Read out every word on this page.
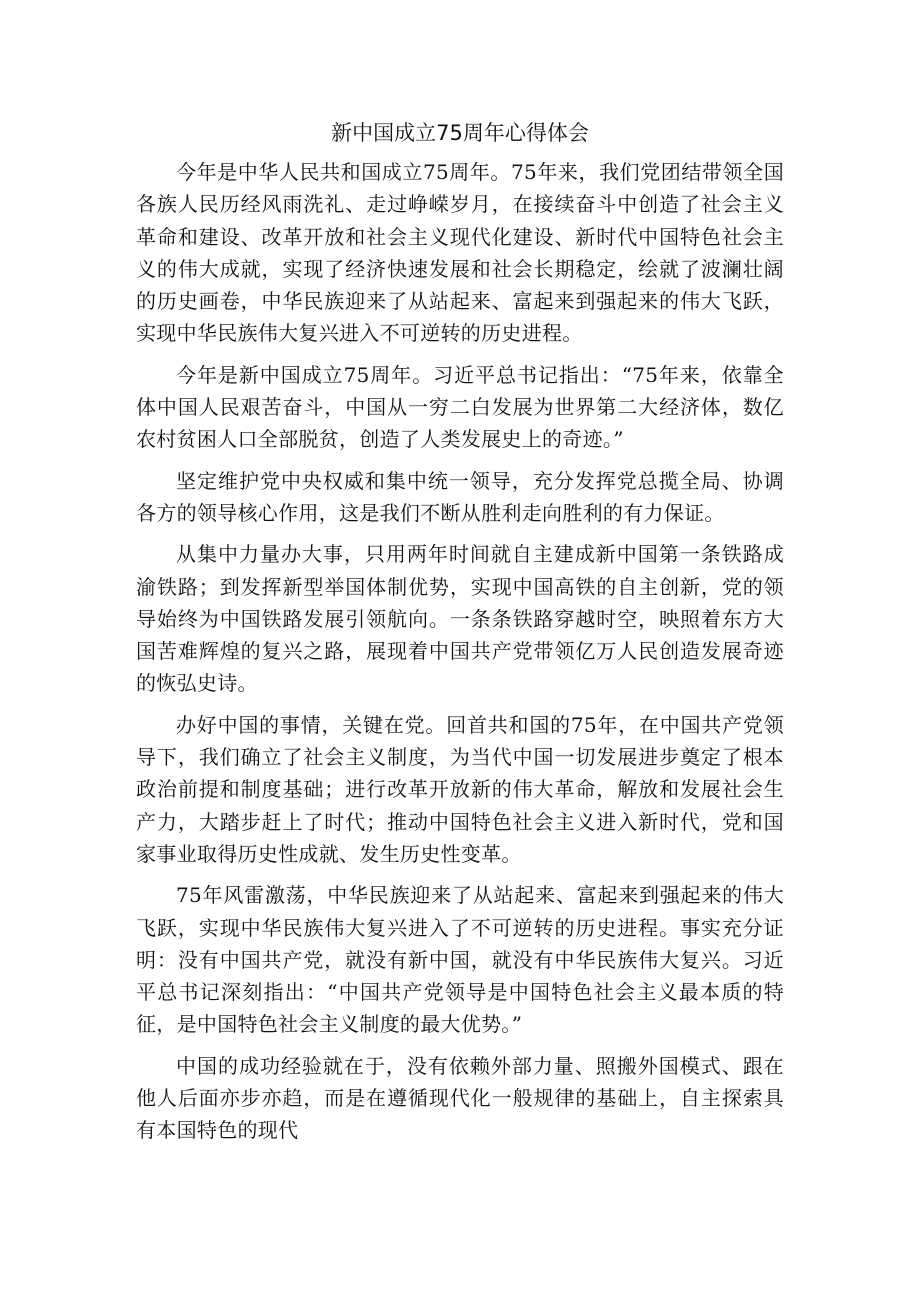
新中国成立75周年心得体会

今年是中华人民共和国成立75周年。75年来，我们党团结带领全国各族人民历经风雨洗礼、走过峥嵘岁月，在接续奋斗中创造了社会主义革命和建设、改革开放和社会主义现代化建设、新时代中国特色社会主义的伟大成就，实现了经济快速发展和社会长期稳定，绘就了波澜壮阔的历史画卷，中华民族迎来了从站起来、富起来到强起来的伟大飞跃，实现中华民族伟大复兴进入不可逆转的历史进程。

今年是新中国成立75周年。习近平总书记指出：“75年来，依靠全体中国人民艰苦奋斗，中国从一穷二白发展为世界第二大经济体，数亿农村贫困人口全部脱贫，创造了人类发展史上的奇迹。”

坚定维护党中央权威和集中统一领导，充分发挥党总揽全局、协调各方的领导核心作用，这是我们不断从胜利走向胜利的有力保证。

从集中力量办大事，只用两年时间就自主建成新中国第一条铁路成渝铁路；到发挥新型举国体制优势，实现中国高铁的自主创新，党的领导始终为中国铁路发展引领航向。一条条铁路穿越时空，映照着东方大国苦难辉煌的复兴之路，展现着中国共产党带领亿万人民创造发展奇迹的恢弘史诗。

办好中国的事情，关键在党。回首共和国的75年，在中国共产党领导下，我们确立了社会主义制度，为当代中国一切发展进步奠定了根本政治前提和制度基础；进行改革开放新的伟大革命，解放和发展社会生产力，大踏步赶上了时代；推动中国特色社会主义进入新时代，党和国家事业取得历史性成就、发生历史性变革。

75年风雷激荡，中华民族迎来了从站起来、富起来到强起来的伟大飞跃，实现中华民族伟大复兴进入了不可逆转的历史进程。事实充分证明：没有中国共产党，就没有新中国，就没有中华民族伟大复兴。习近平总书记深刻指出：“中国共产党领导是中国特色社会主义最本质的特征，是中国特色社会主义制度的最大优势。”

中国的成功经验就在于，没有依赖外部力量、照搬外国模式、跟在他人后面亦步亦趋，而是在遵循现代化一般规律的基础上，自主探索具有本国特色的现代
